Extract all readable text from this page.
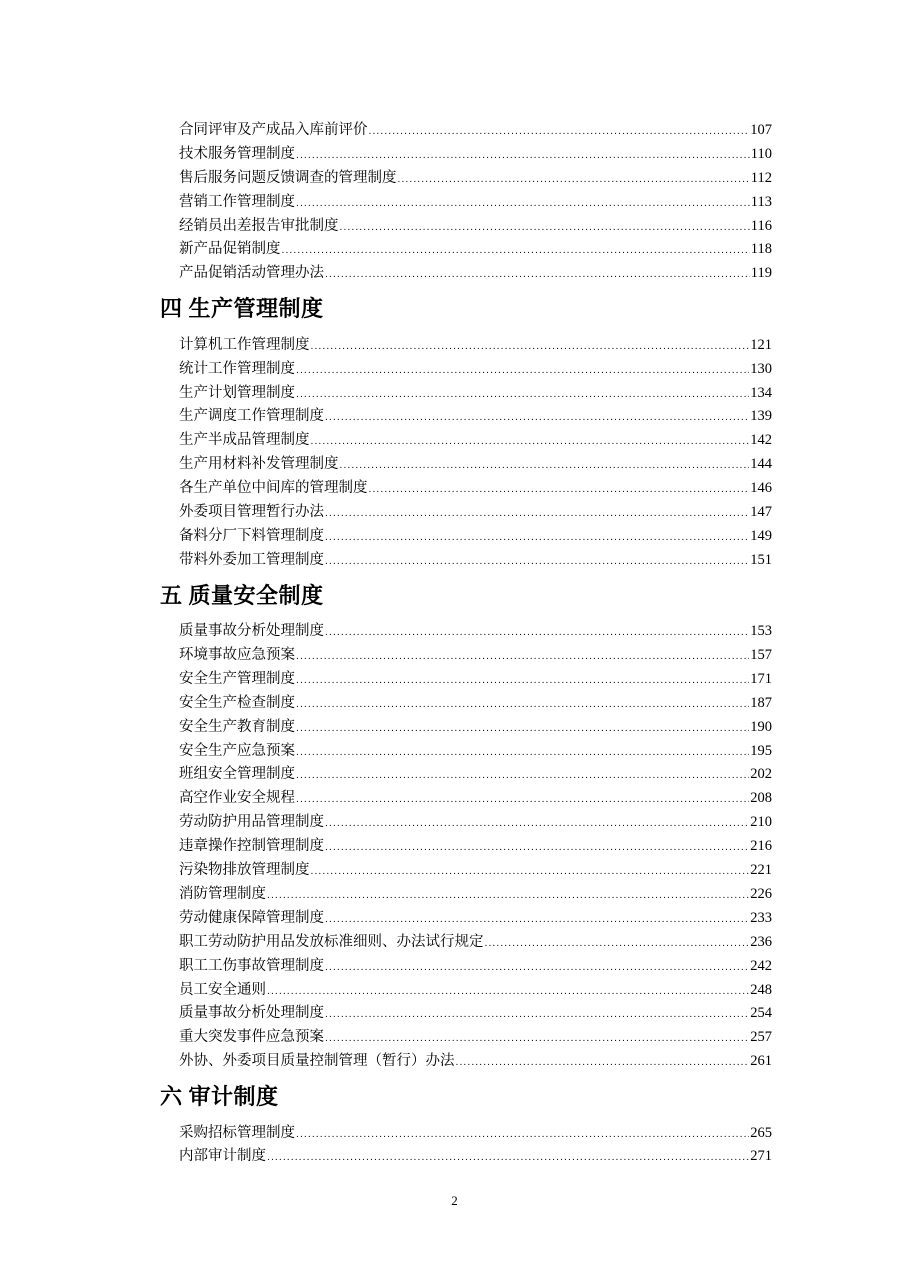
合同评审及产成品入库前评价 .....	107
技术服务管理制度 .....	110
售后服务问题反馈调查的管理制度 .....	112
营销工作管理制度 .....	113
经销员出差报告审批制度 .....	116
新产品促销制度 .....	118
产品促销活动管理办法 .....	119
四 生产管理制度
计算机工作管理制度 .....	121
统计工作管理制度 .....	130
生产计划管理制度 .....	134
生产调度工作管理制度 .....	139
生产半成品管理制度 .....	142
生产用材料补发管理制度 .....	144
各生产单位中间库的管理制度 .....	146
外委项目管理暂行办法 .....	147
备料分厂下料管理制度 .....	149
带料外委加工管理制度 .....	151
五 质量安全制度
质量事故分析处理制度 .....	153
环境事故应急预案 .....	157
安全生产管理制度 .....	171
安全生产检查制度 .....	187
安全生产教育制度 .....	190
安全生产应急预案 .....	195
班组安全管理制度 .....	202
高空作业安全规程 .....	208
劳动防护用品管理制度 .....	210
违章操作控制管理制度 .....	216
污染物排放管理制度 .....	221
消防管理制度 .....	226
劳动健康保障管理制度 .....	233
职工劳动防护用品发放标准细则、办法试行规定 .....	236
职工工伤事故管理制度 .....	242
员工安全通则 .....	248
质量事故分析处理制度 .....	254
重大突发事件应急预案 .....	257
外协、外委项目质量控制管理（暂行）办法 .....	261
六 审计制度
采购招标管理制度 .....	265
内部审计制度 .....	271
2
